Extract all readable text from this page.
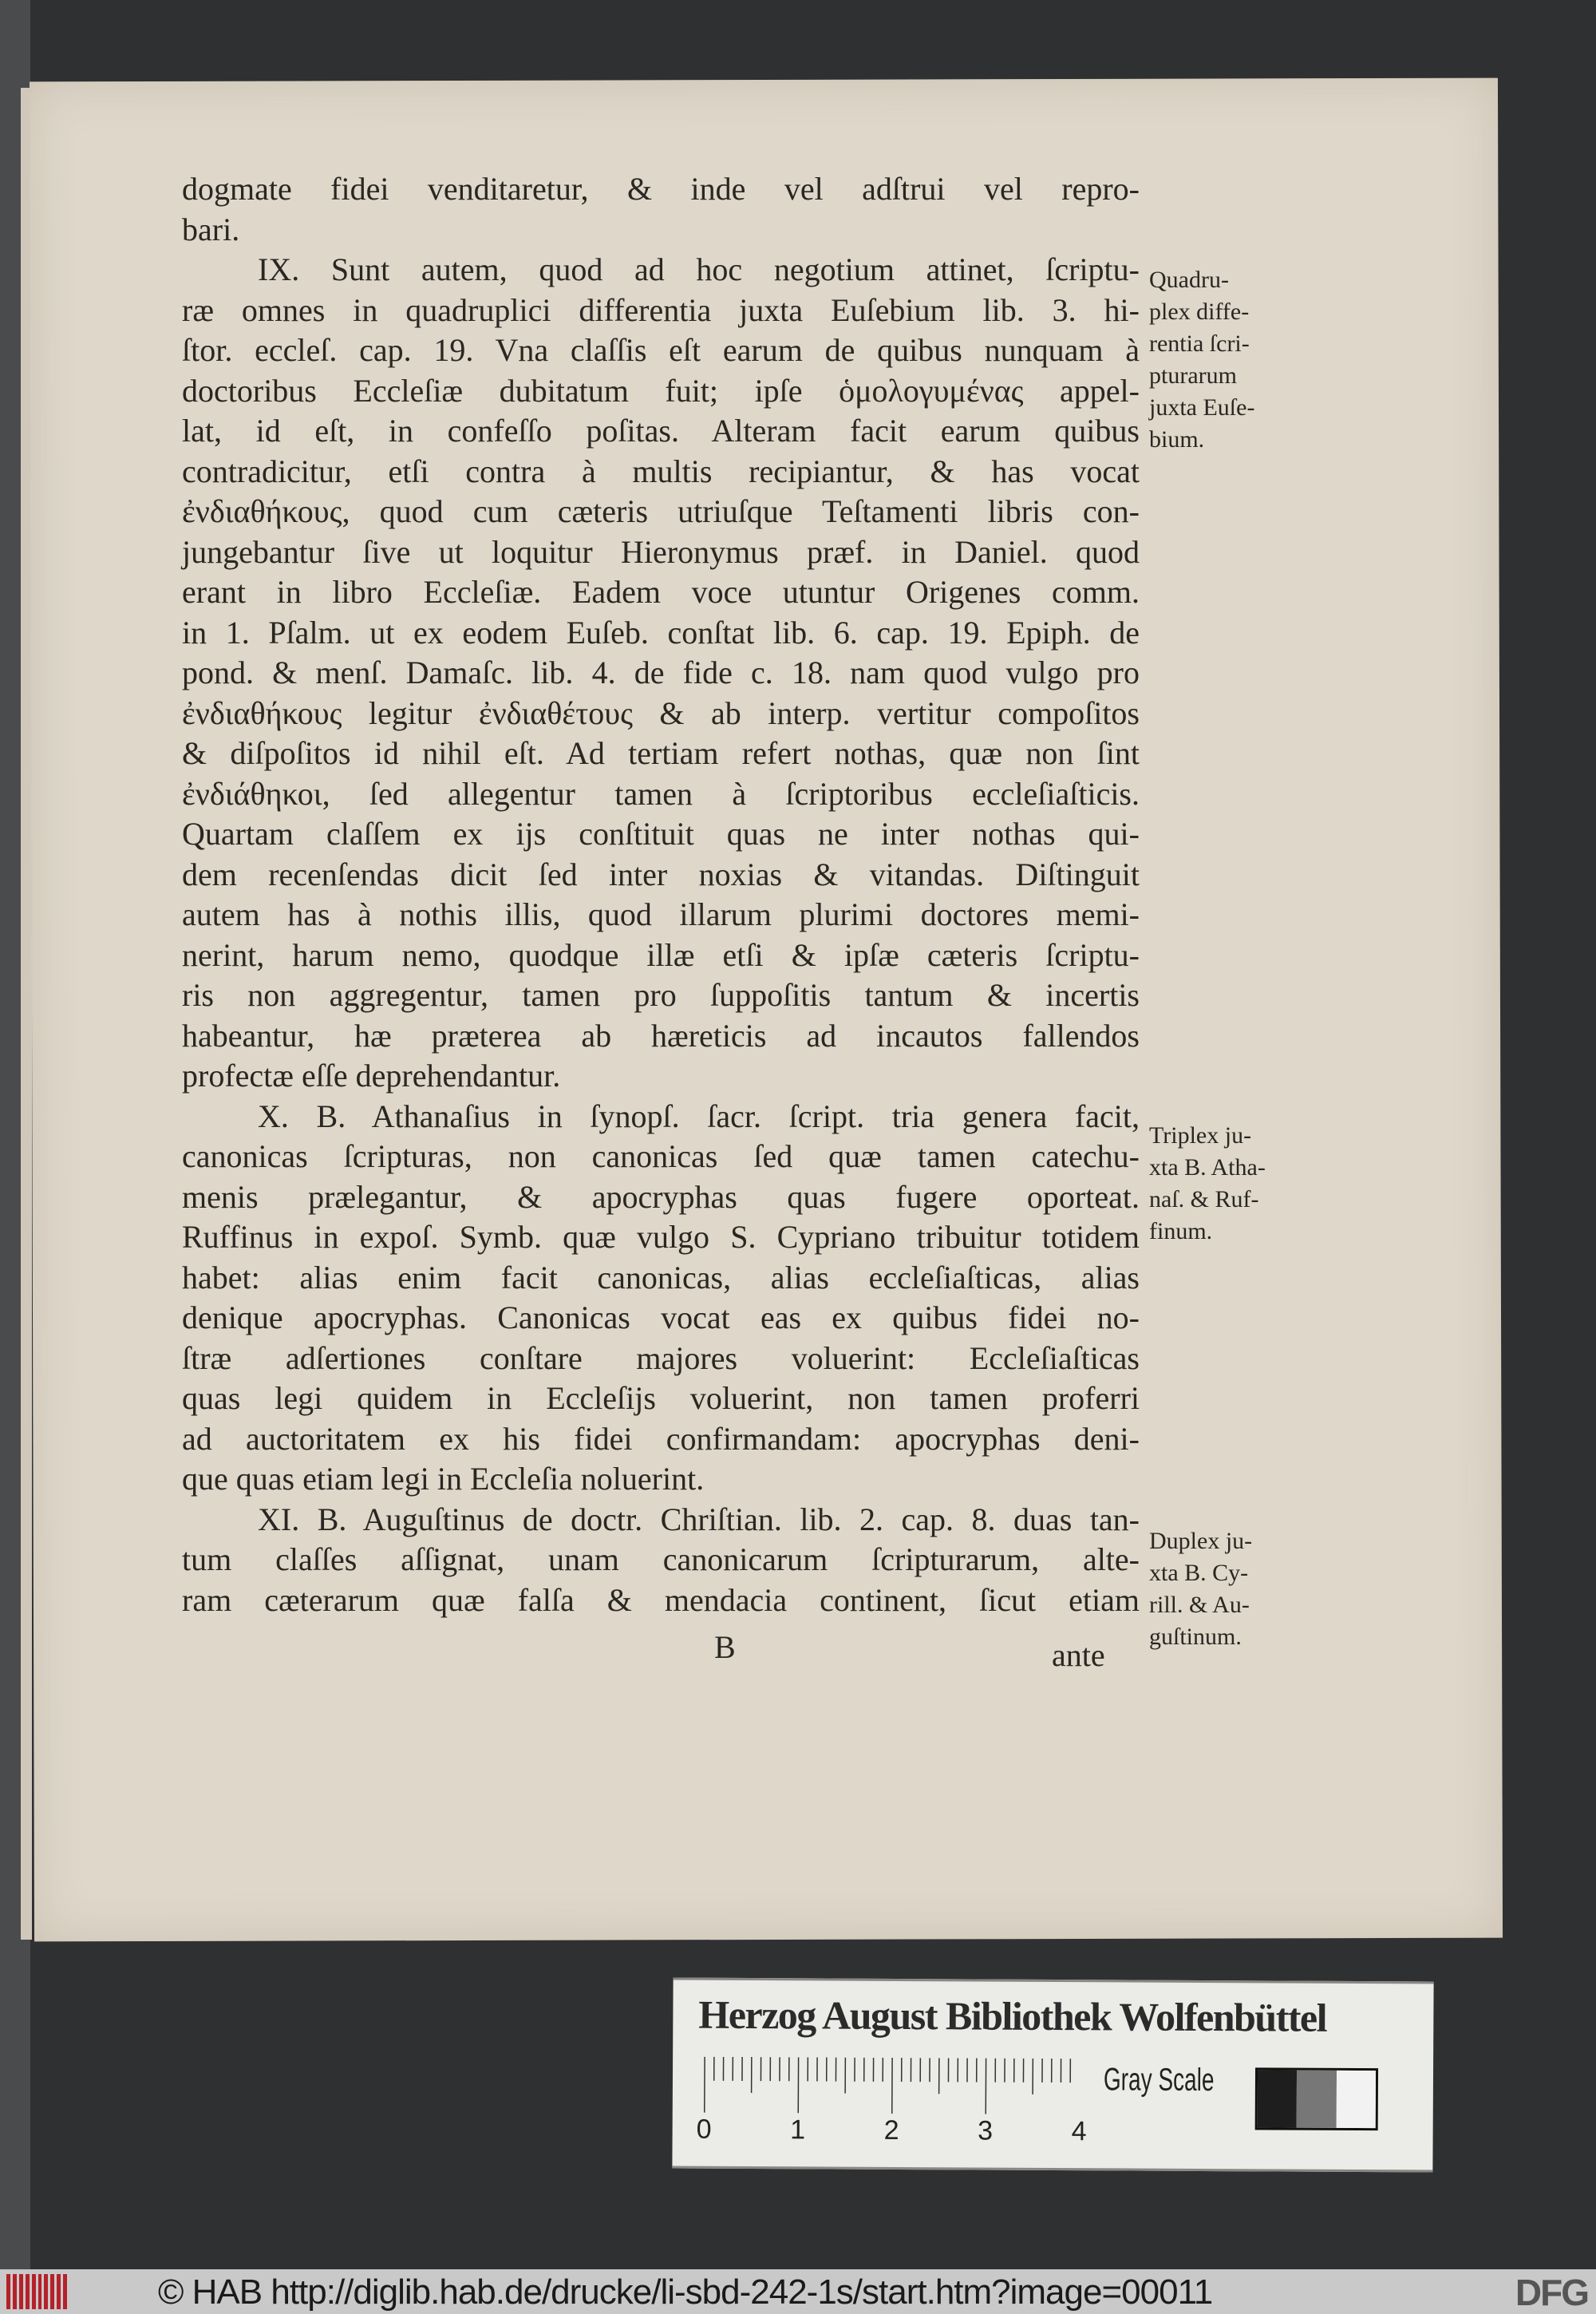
dogmate fidei venditaretur, & inde vel adſtrui vel repro-
bari.
IX. Sunt autem, quod ad hoc negotium attinet, ſcriptu-
ræ omnes in quadruplici differentia juxta Euſebium lib. 3. hi-
ſtor. eccleſ. cap. 19. Vna claſſis eſt earum de quibus nunquam à
doctoribus Eccleſiæ dubitatum fuit; ipſe ὁμολογυμένας appel-
lat, id eſt, in confeſſo poſitas. Alteram facit earum quibus
contradicitur, etſi contra à multis recipiantur, & has vocat
ἐνδιαθήκους, quod cum cæteris utriuſque Teſtamenti libris con-
jungebantur ſive ut loquitur Hieronymus præf. in Daniel. quod
erant in libro Eccleſiæ. Eadem voce utuntur Origenes comm.
in 1. Pſalm. ut ex eodem Euſeb. conſtat lib. 6. cap. 19. Epiph. de
pond. & menſ. Damaſc. lib. 4. de fide c. 18. nam quod vulgo pro
ἐνδιαθήκους legitur ἐνδιαθέτους & ab interp. vertitur compoſitos
& diſpoſitos id nihil eſt. Ad tertiam refert nothas, quæ non ſint
ἐνδιάθηκοι, ſed allegentur tamen à ſcriptoribus eccleſiaſticis.
Quartam claſſem ex ijs conſtituit quas ne inter nothas qui-
dem recenſendas dicit ſed inter noxias & vitandas. Diſtinguit
autem has à nothis illis, quod illarum plurimi doctores memi-
nerint, harum nemo, quodque illæ etſi & ipſæ cæteris ſcriptu-
ris non aggregentur, tamen pro ſuppoſitis tantum & incertis
habeantur, hæ præterea ab hæreticis ad incautos fallendos
profectæ eſſe deprehendantur.
X. B. Athanaſius in ſynopſ. ſacr. ſcript. tria genera facit,
canonicas ſcripturas, non canonicas ſed quæ tamen catechu-
menis prælegantur, & apocryphas quas fugere oporteat.
Ruffinus in expoſ. Symb. quæ vulgo S. Cypriano tribuitur totidem
habet: alias enim facit canonicas, alias eccleſiaſticas, alias
denique apocryphas. Canonicas vocat eas ex quibus fidei no-
ſtræ adſertiones conſtare majores voluerint: Eccleſiaſticas
quas legi quidem in Eccleſijs voluerint, non tamen proferri
ad auctoritatem ex his fidei confirmandam: apocryphas deni-
que quas etiam legi in Eccleſia noluerint.
XI. B. Auguſtinus de doctr. Chriſtian. lib. 2. cap. 8. duas tan-
tum claſſes aſſignat, unam canonicarum ſcripturarum, alte-
ram cæterarum quæ falſa & mendacia continent, ſicut etiam
Quadru-
plex diffe-
rentia ſcri-
pturarum
juxta Euſe-
bium.
Triplex ju-
xta B. Atha-
naſ. & Ruf-
finum.
Duplex ju-
xta B. Cy-
rill. & Au-
guſtinum.
B	ante
Herzog August Bibliothek Wolfenbüttel
0	1	2	3	4
Gray Scale
© HAB http://diglib.hab.de/drucke/li-sbd-242-1s/start.htm?image=00011	DFG
